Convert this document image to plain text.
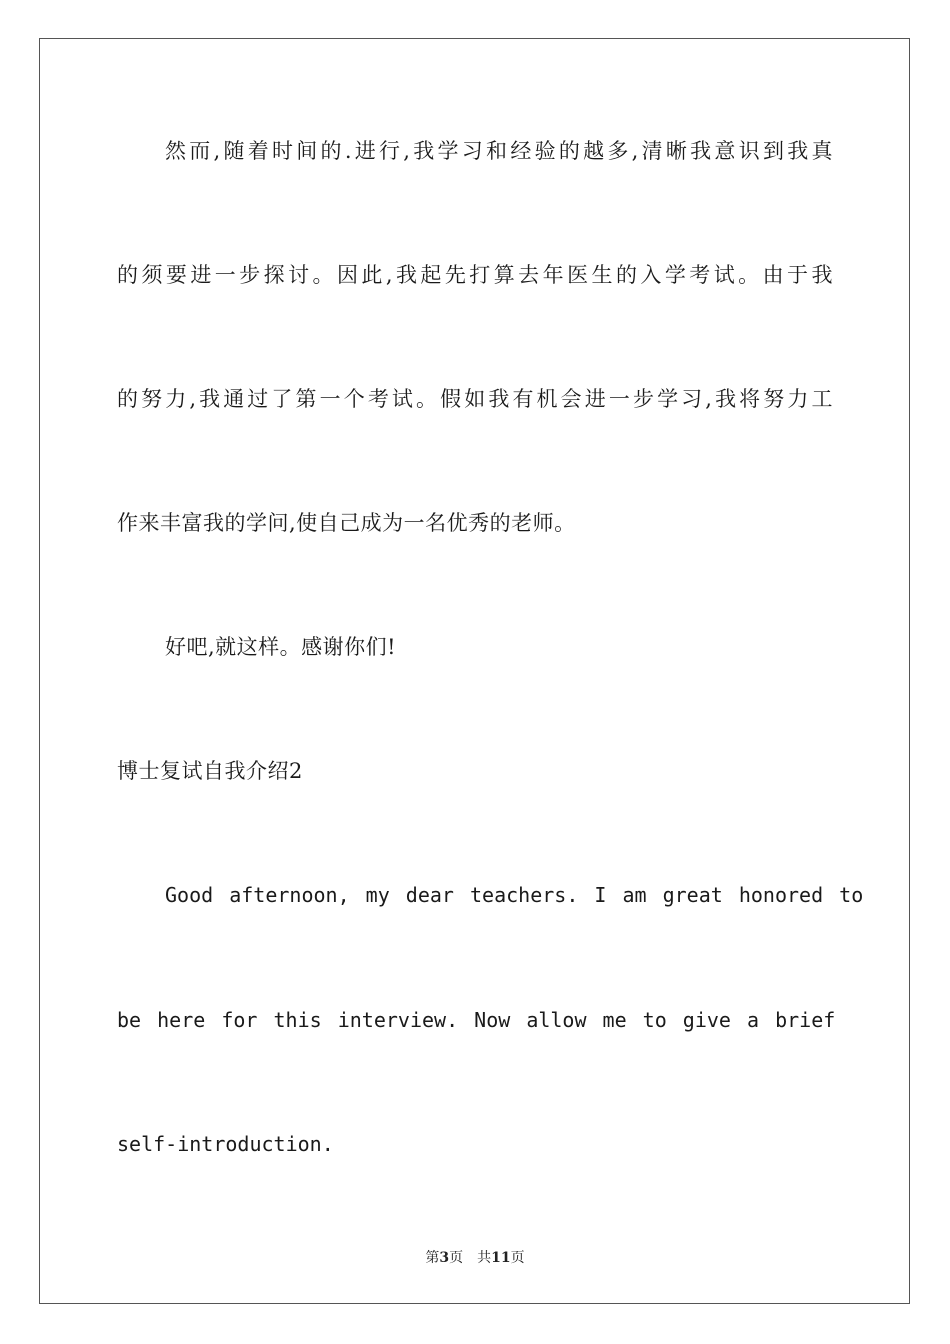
然而,随着时间的.进行,我学习和经验的越多,清晰我意识到我真
的须要进一步探讨。因此,我起先打算去年医生的入学考试。由于我
的努力,我通过了第一个考试。假如我有机会进一步学习,我将努力工
作来丰富我的学问,使自己成为一名优秀的老师。
好吧,就这样。感谢你们!
博士复试自我介绍2
Good afternoon, my dear teachers. I am great honored to
be here for this interview. Now allow me to give a brief
self-introduction.
第3页 共11页
